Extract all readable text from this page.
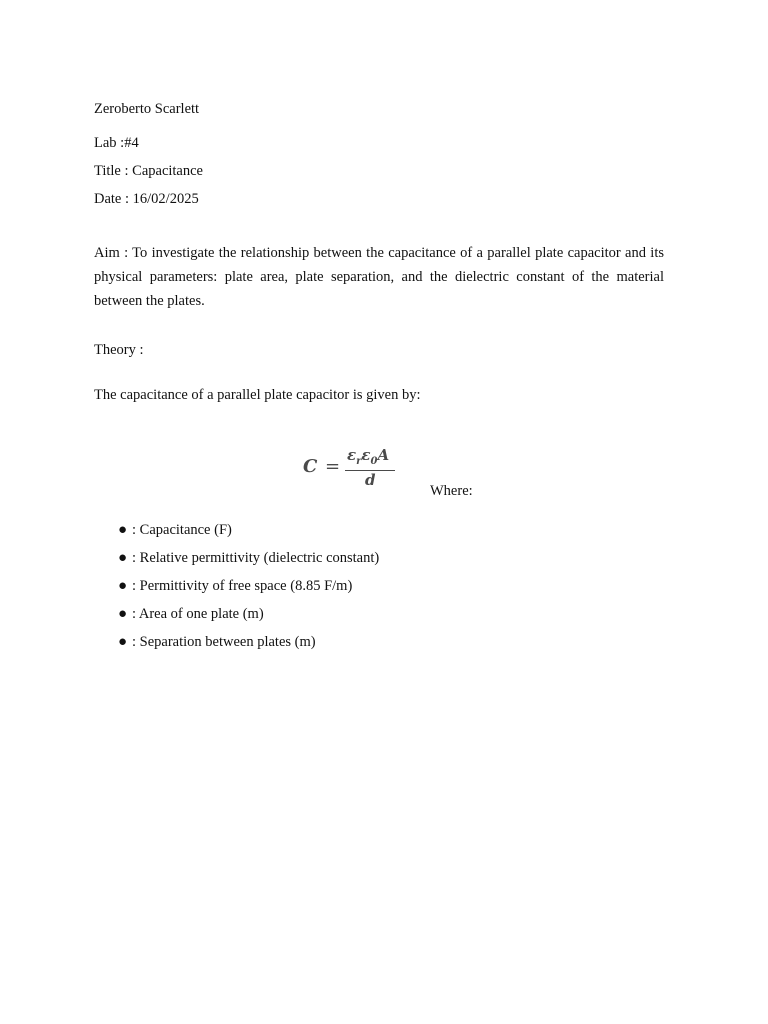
Zeroberto Scarlett
Lab :#4
Title : Capacitance
Date : 16/02/2025
Aim : To investigate the relationship between the capacitance of a parallel plate capacitor and its physical parameters: plate area, plate separation, and the dielectric constant of the material between the plates.
Theory :
The capacitance of a parallel plate capacitor is given by:
C =
$\varepsilon_r\varepsilon_0A$
d
Where:
● : Capacitance (F)
● : Relative permittivity (dielectric constant)
● : Permittivity of free space (8.85 F/m)
● : Area of one plate (m)
● : Separation between plates (m)
